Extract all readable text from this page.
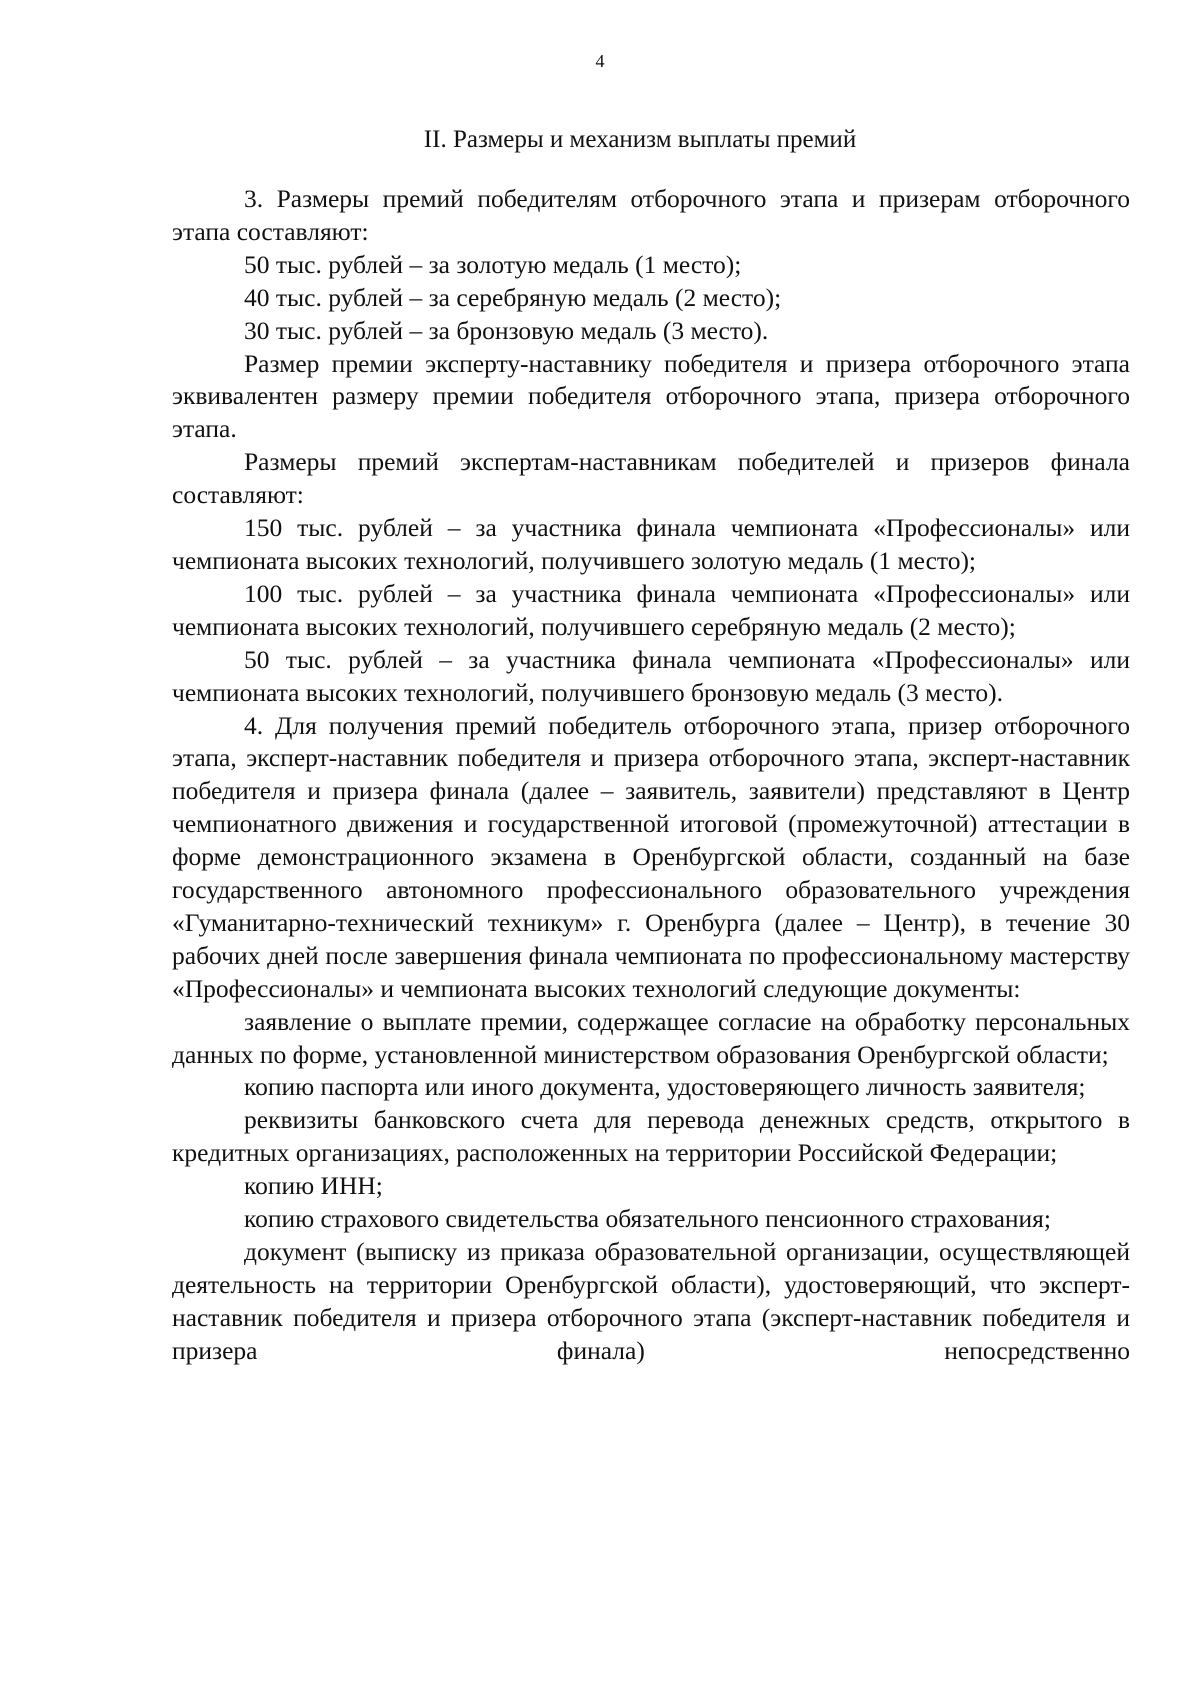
4
II. Размеры и механизм выплаты премий

3. Размеры премий победителям отборочного этапа и призерам отборочного этапа составляют:

50 тыс. рублей – за золотую медаль (1 место);

40 тыс. рублей – за серебряную медаль (2 место);

30 тыс. рублей – за бронзовую медаль (3 место).

Размер премии эксперту-наставнику победителя и призера отборочного этапа эквивалентен размеру премии победителя отборочного этапа, призера отборочного этапа.

Размеры премий экспертам-наставникам победителей и призеров финала составляют:

150 тыс. рублей – за участника финала чемпионата «Профессионалы» или чемпионата высоких технологий, получившего золотую медаль (1 место);

100 тыс. рублей – за участника финала чемпионата «Профессионалы» или чемпионата высоких технологий, получившего серебряную медаль (2 место);

50 тыс. рублей – за участника финала чемпионата «Профессионалы» или чемпионата высоких технологий, получившего бронзовую медаль (3 место).

4. Для получения премий победитель отборочного этапа, призер отборочного этапа, эксперт-наставник победителя и призера отборочного этапа, эксперт-наставник победителя и призера финала (далее – заявитель, заявители) представляют в Центр чемпионатного движения и государственной итоговой (промежуточной) аттестации в форме демонстрационного экзамена в Оренбургской области, созданный на базе государственного автономного профессионального образовательного учреждения «Гуманитарно-технический техникум» г. Оренбурга (далее – Центр), в течение 30 рабочих дней после завершения финала чемпионата по профессиональному мастерству «Профессионалы» и чемпионата высоких технологий следующие документы:

заявление о выплате премии, содержащее согласие на обработку персональных данных по форме, установленной министерством образования Оренбургской области;

копию паспорта или иного документа, удостоверяющего личность заявителя;

реквизиты банковского счета для перевода денежных средств, открытого в кредитных организациях, расположенных на территории Российской Федерации;

копию ИНН;

копию страхового свидетельства обязательного пенсионного страхования;

документ (выписку из приказа образовательной организации, осуществляющей деятельность на территории Оренбургской области), удостоверяющий, что эксперт-наставник победителя и призера отборочного этапа (эксперт-наставник победителя и призера финала) непосредственно
